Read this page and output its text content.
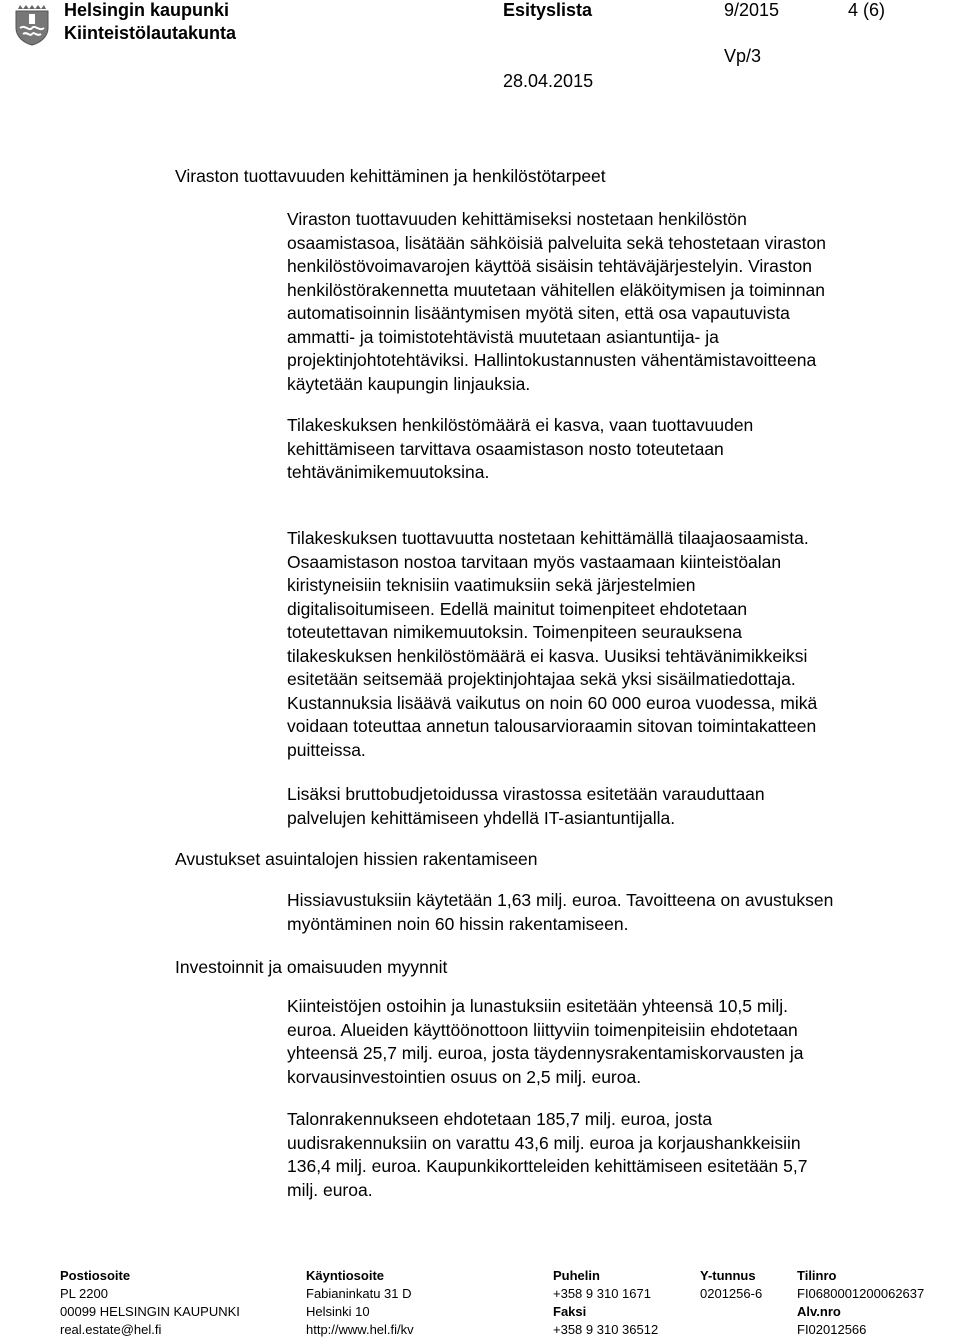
Helsingin kaupunki
Kiinteistölautakunta
Esityslista	9/2015	4 (6)
Vp/3
28.04.2015
Viraston tuottavuuden kehittäminen ja henkilöstötarpeet
Viraston tuottavuuden kehittämiseksi nostetaan henkilöstön
osaamistasoa, lisätään sähköisiä palveluita sekä tehostetaan viraston
henkilöstövoimavarojen käyttöä sisäisin tehtäväjärjestelyin. Viraston
henkilöstörakennetta muutetaan vähitellen eläköitymisen ja toiminnan
automatisoinnin lisääntymisen myötä siten, että osa vapautuvista
ammatti- ja toimistotehtävistä muutetaan asiantuntija- ja
projektinjohtotehtäviksi. Hallintokustannusten vähentämistavoitteena
käytetään kaupungin linjauksia.
Tilakeskuksen henkilöstömäärä ei kasva, vaan tuottavuuden
kehittämiseen tarvittava osaamistason nosto toteutetaan
tehtävänimikemuutoksina.
Tilakeskuksen tuottavuutta nostetaan kehittämällä tilaajaosaamista.
Osaamistason nostoa tarvitaan myös vastaamaan kiinteistöalan
kiristyneisiin teknisiin vaatimuksiin sekä järjestelmien
digitalisoitumiseen. Edellä mainitut toimenpiteet ehdotetaan
toteutettavan nimikemuutoksin. Toimenpiteen seurauksena
tilakeskuksen henkilöstömäärä ei kasva. Uusiksi tehtävänimikkeiksi
esitetään seitsemää projektinjohtajaa sekä yksi sisäilmatiedottaja.
Kustannuksia lisäävä vaikutus on noin 60 000 euroa vuodessa, mikä
voidaan toteuttaa annetun talousarvioraamin sitovan toimintakatteen
puitteissa.
Lisäksi bruttobudjetoidussa virastossa esitetään varauduttaan
palvelujen kehittämiseen yhdellä IT-asiantuntijalla.
Avustukset asuintalojen hissien rakentamiseen
Hissiavustuksiin käytetään 1,63 milj. euroa. Tavoitteena on avustuksen
myöntäminen noin 60 hissin rakentamiseen.
Investoinnit ja omaisuuden myynnit
Kiinteistöjen ostoihin ja lunastuksiin esitetään yhteensä 10,5 milj.
euroa. Alueiden käyttöönottoon liittyviin toimenpiteisiin ehdotetaan
yhteensä 25,7 milj. euroa, josta täydennysrakentamiskorvausten ja
korvausinvestointien osuus on 2,5 milj. euroa.
Talonrakennukseen ehdotetaan 185,7 milj. euroa, josta
uudisrakennuksiin on varattu 43,6 milj. euroa ja korjaushankkeisiin
136,4 milj. euroa. Kaupunkikortteleiden kehittämiseen esitetään 5,7
milj. euroa.
Postiosoite
PL 2200
00099 HELSINGIN KAUPUNKI
real.estate@hel.fi
Käyntiosoite
Fabianinkatu 31 D
Helsinki 10
http://www.hel.fi/kv
Puhelin
+358 9 310 1671
Faksi
+358 9 310 36512
Y-tunnus
0201256-6
Tilinro
FI0680001200062637
Alv.nro
FI02012566
